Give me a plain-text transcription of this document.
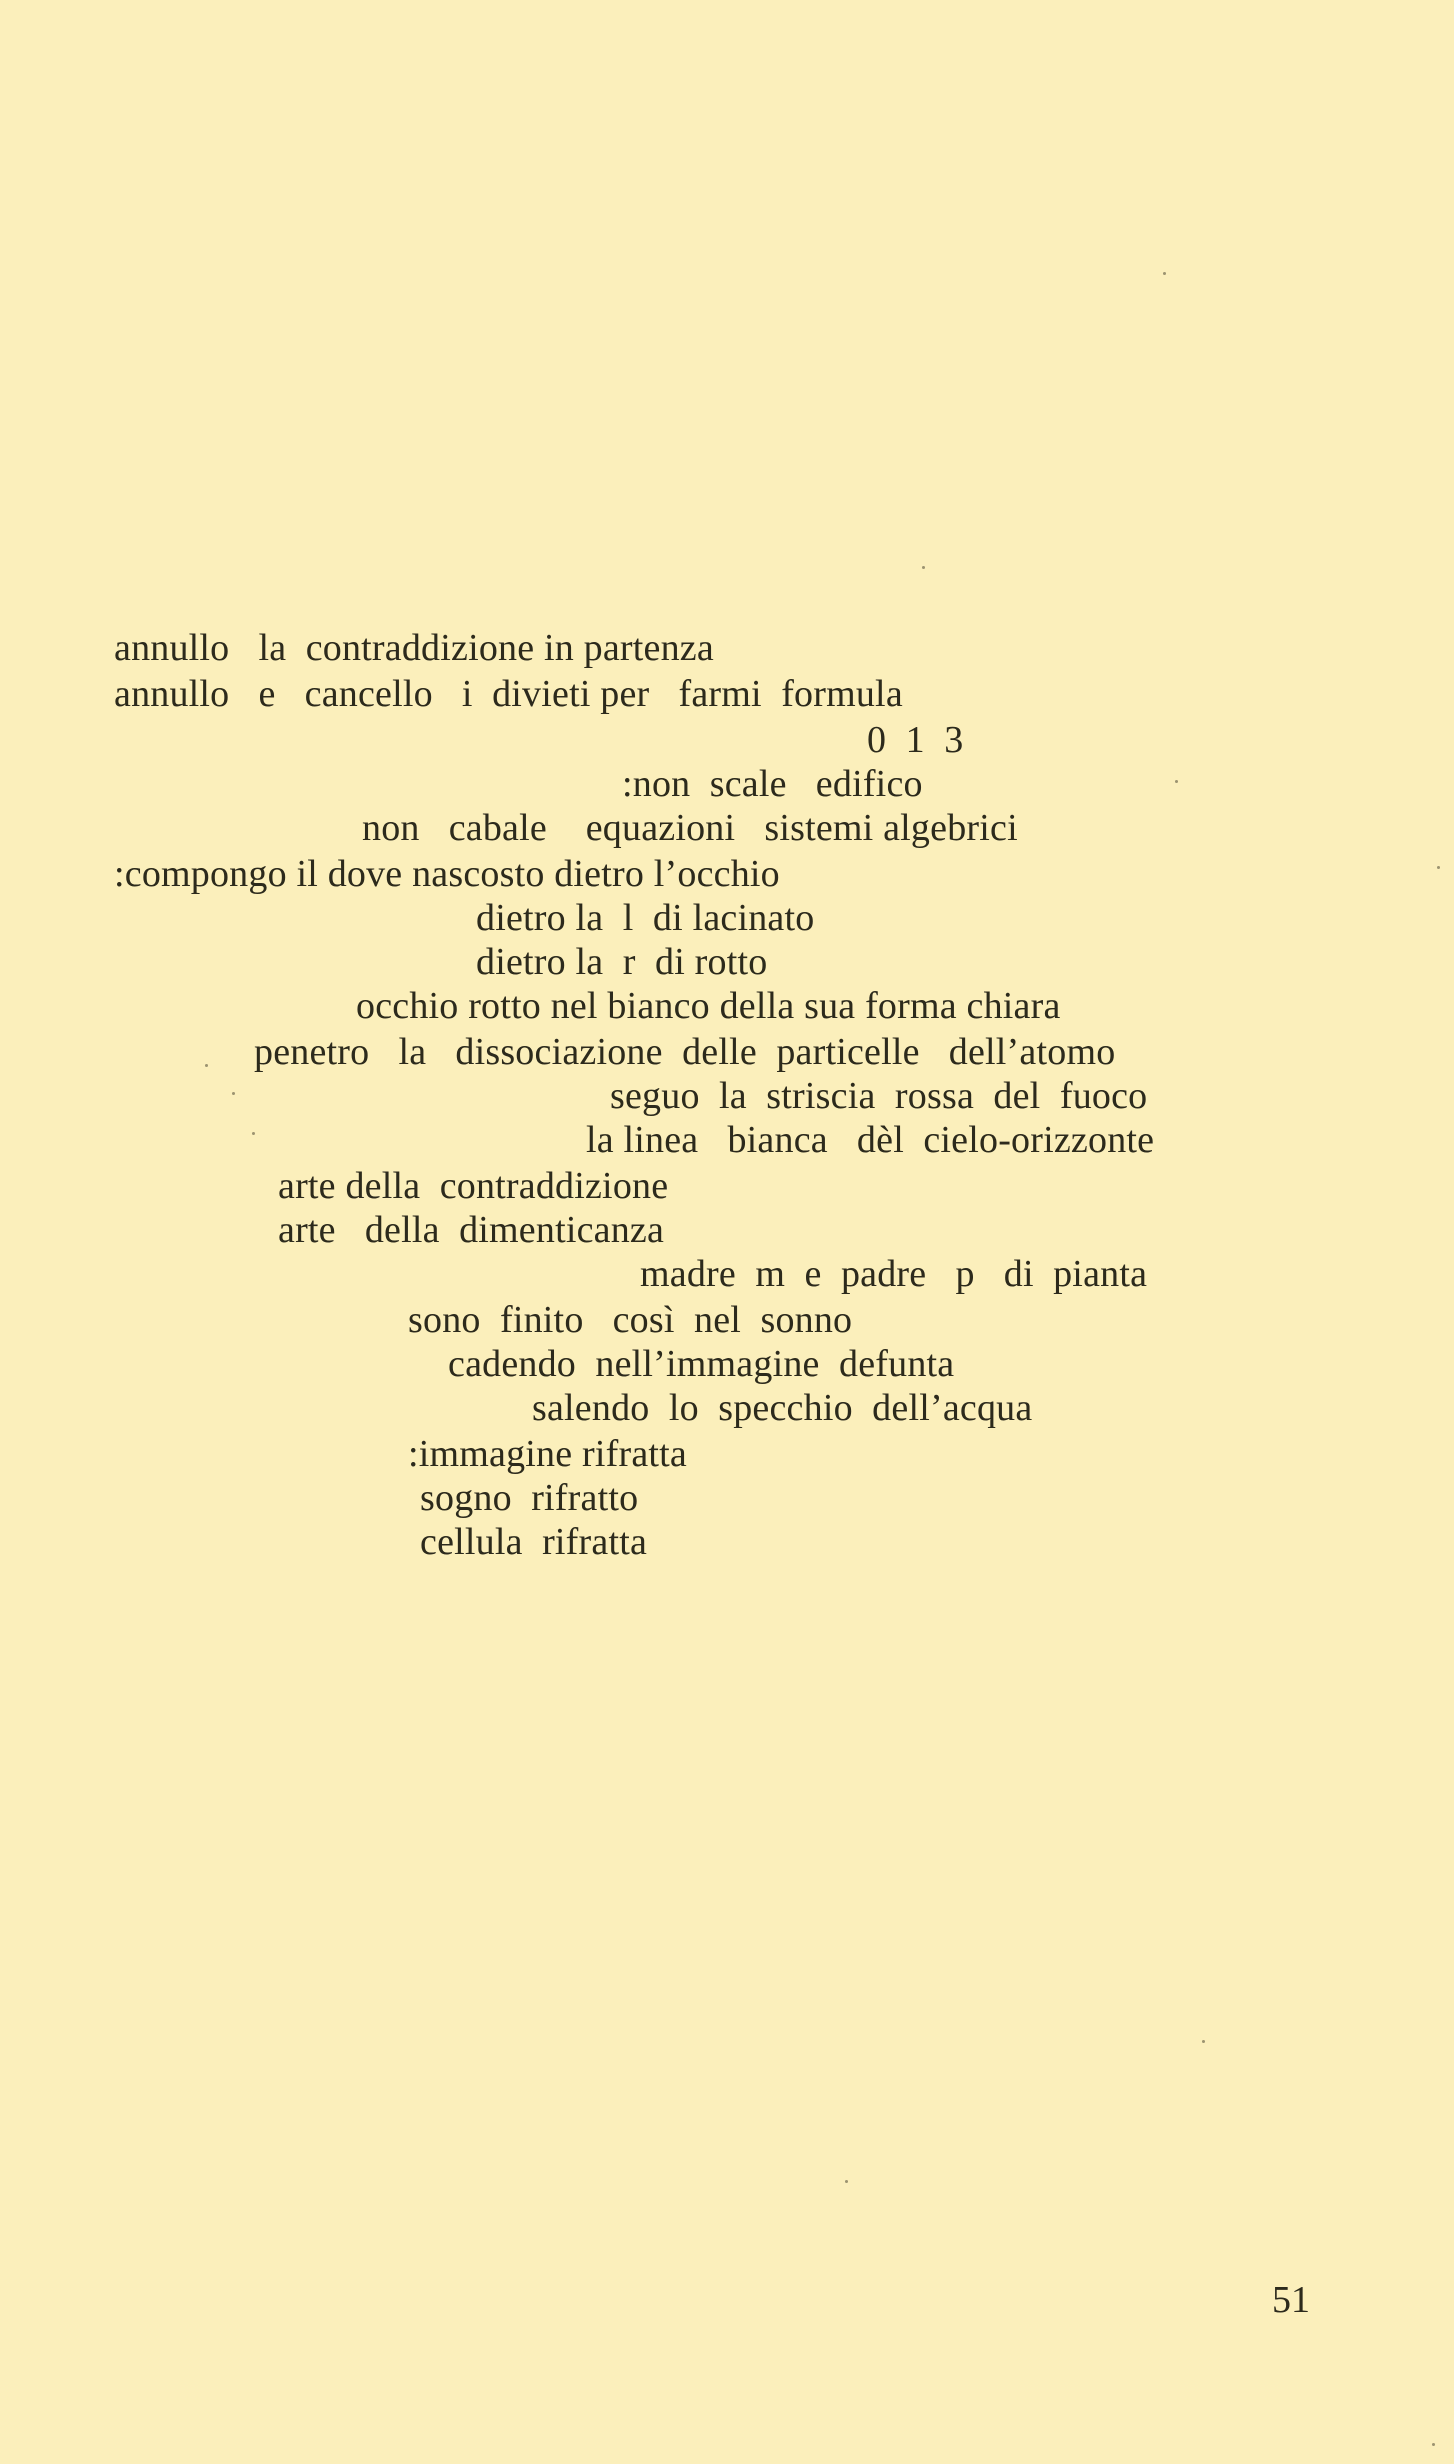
annullo   la  contraddizione in partenza
annullo   e   cancello   i  divieti per   farmi  formula
0  1  3
:non  scale   edifico
non   cabale    equazioni   sistemi algebrici
:compongo il dove nascosto dietro l’occhio
dietro la  l  di lacinato
dietro la  r  di rotto
occhio rotto nel bianco della sua forma chiara
penetro   la   dissociazione  delle  particelle   dell’atomo
seguo  la  striscia  rossa  del  fuoco
la linea   bianca   dèl  cielo-orizzonte
arte della  contraddizione
arte   della  dimenticanza
madre  m  e  padre   p   di  pianta
sono  finito   così  nel  sonno
cadendo  nell’immagine  defunta
salendo  lo  specchio  dell’acqua
:immagine rifratta
sogno  rifratto
cellula  rifratta
51
